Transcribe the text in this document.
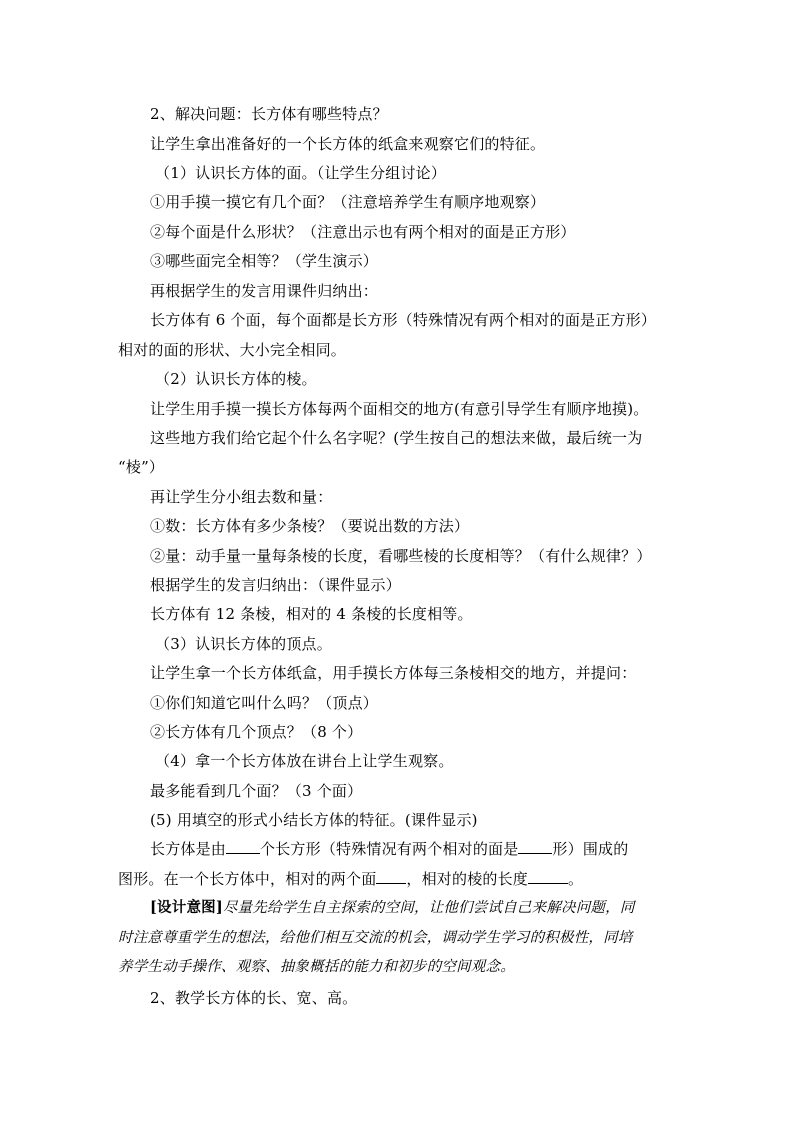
2、解决问题：长方体有哪些特点？
让学生拿出准备好的一个长方体的纸盒来观察它们的特征。
（1）认识长方体的面。（让学生分组讨论）
①用手摸一摸它有几个面？（注意培养学生有顺序地观察）
②每个面是什么形状？（注意出示也有两个相对的面是正方形）
③哪些面完全相等？（学生演示）
再根据学生的发言用课件归纳出：
长方体有 6 个面，每个面都是长方形（特殊情况有两个相对的面是正方形）
相对的面的形状、大小完全相同。
（2）认识长方体的棱。
让学生用手摸一摸长方体每两个面相交的地方(有意引导学生有顺序地摸)。
这些地方我们给它起个什么名字呢？(学生按自己的想法来做，最后统一为
“棱”）
再让学生分小组去数和量：
①数：长方体有多少条棱？（要说出数的方法）
②量：动手量一量每条棱的长度，看哪些棱的长度相等？（有什么规律？）
根据学生的发言归纳出：（课件显示）
长方体有 12 条棱，相对的 4 条棱的长度相等。
（3）认识长方体的顶点。
让学生拿一个长方体纸盒，用手摸长方体每三条棱相交的地方，并提问：
①你们知道它叫什么吗？（顶点）
②长方体有几个顶点？（8 个）
（4）拿一个长方体放在讲台上让学生观察。
最多能看到几个面？（3 个面）
(5) 用填空的形式小结长方体的特征。(课件显示)
长方体是由 个长方形（特殊情况有两个相对的面是 形）围成的
图形。在一个长方体中，相对的两个面 ，相对的棱的长度	。
[设计意图]尽量先给学生自主探索的空间，让他们尝试自己来解决问题，同
时注意尊重学生的想法，给他们相互交流的机会，调动学生学习的积极性，同培
养学生动手操作、观察、抽象概括的能力和初步的空间观念。
2、教学长方体的长、宽、高。
